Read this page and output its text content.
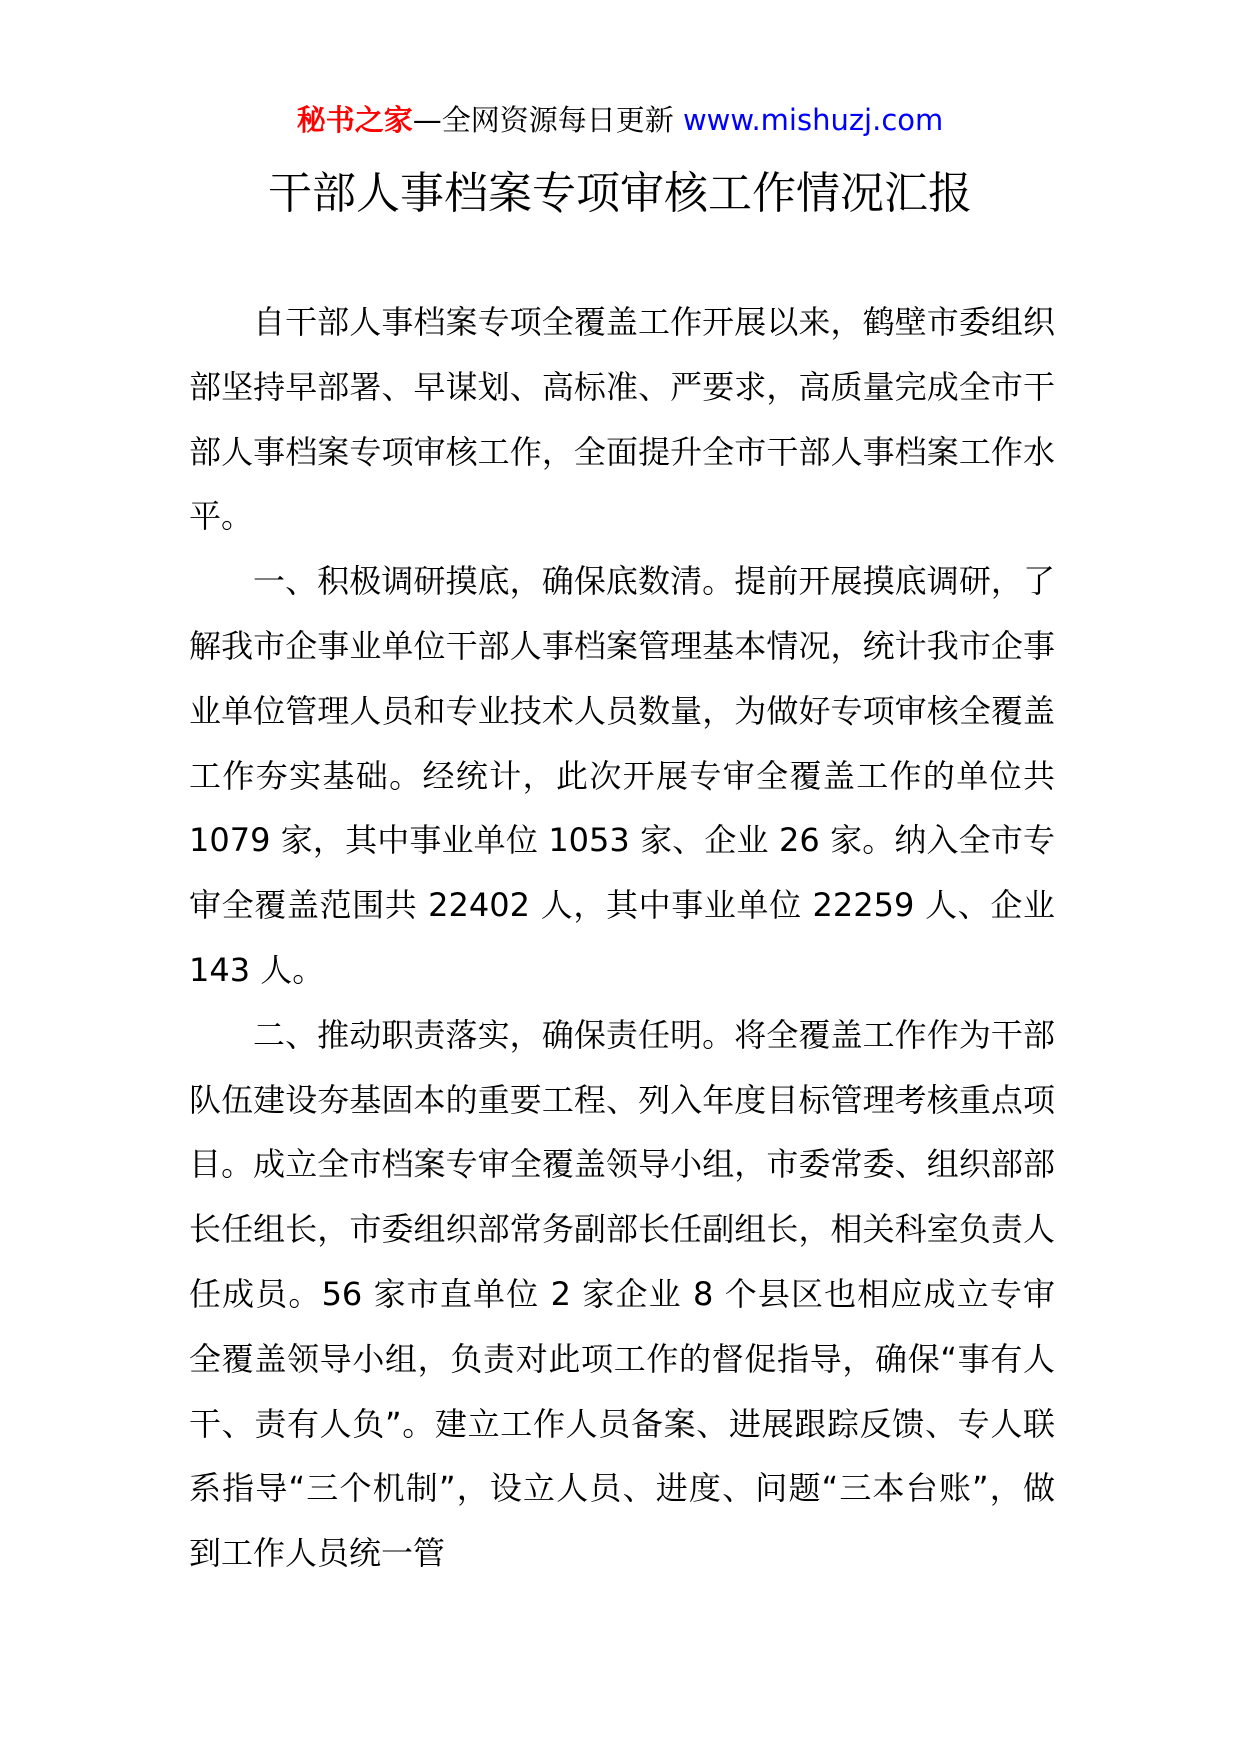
秘书之家—全网资源每日更新 www.mishuzj.com
干部人事档案专项审核工作情况汇报

自干部人事档案专项全覆盖工作开展以来，鹤壁市委组织部坚持早部署、早谋划、高标准、严要求，高质量完成全市干部人事档案专项审核工作，全面提升全市干部人事档案工作水平。

一、积极调研摸底，确保底数清。提前开展摸底调研，了解我市企事业单位干部人事档案管理基本情况，统计我市企事业单位管理人员和专业技术人员数量，为做好专项审核全覆盖工作夯实基础。经统计，此次开展专审全覆盖工作的单位共 1079 家，其中事业单位 1053 家、企业 26 家。纳入全市专审全覆盖范围共 22402 人，其中事业单位 22259 人、企业 143 人。

二、推动职责落实，确保责任明。将全覆盖工作作为干部队伍建设夯基固本的重要工程、列入年度目标管理考核重点项目。成立全市档案专审全覆盖领导小组，市委常委、组织部部长任组长，市委组织部常务副部长任副组长，相关科室负责人任成员。56 家市直单位 2 家企业 8 个县区也相应成立专审全覆盖领导小组，负责对此项工作的督促指导，确保“事有人干、责有人负”。建立工作人员备案、进展跟踪反馈、专人联系指导“三个机制”，设立人员、进度、问题“三本台账”，做到工作人员统一管
